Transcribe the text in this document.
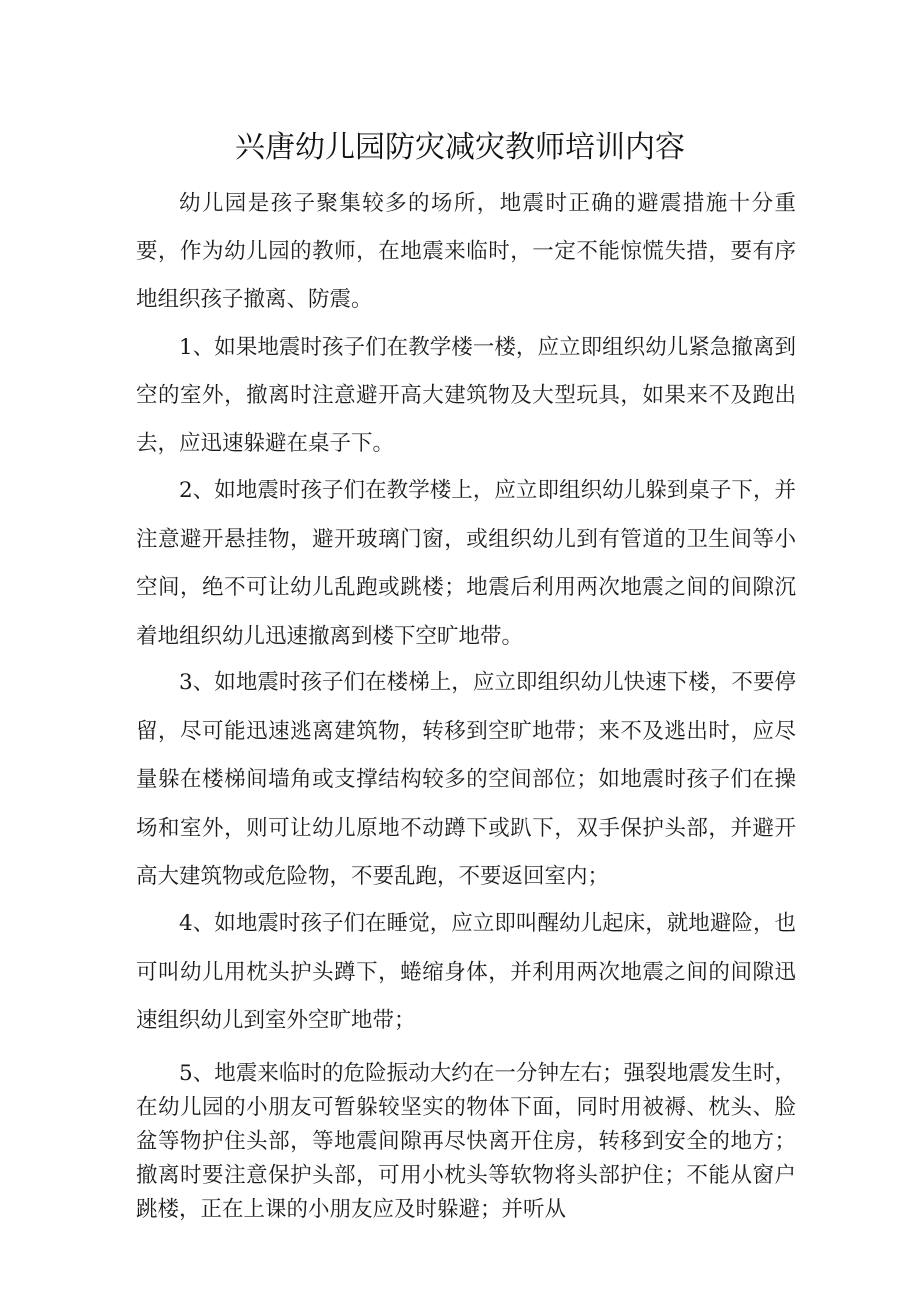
兴唐幼儿园防灾减灾教师培训内容

幼儿园是孩子聚集较多的场所，地震时正确的避震措施十分重要，作为幼儿园的教师，在地震来临时，一定不能惊慌失措，要有序地组织孩子撤离、防震。

1、如果地震时孩子们在教学楼一楼，应立即组织幼儿紧急撤离到空的室外，撤离时注意避开高大建筑物及大型玩具，如果来不及跑出去，应迅速躲避在桌子下。

2、如地震时孩子们在教学楼上，应立即组织幼儿躲到桌子下，并注意避开悬挂物，避开玻璃门窗，或组织幼儿到有管道的卫生间等小空间，绝不可让幼儿乱跑或跳楼；地震后利用两次地震之间的间隙沉着地组织幼儿迅速撤离到楼下空旷地带。

3、如地震时孩子们在楼梯上，应立即组织幼儿快速下楼，不要停留，尽可能迅速逃离建筑物，转移到空旷地带；来不及逃出时，应尽量躲在楼梯间墙角或支撑结构较多的空间部位；如地震时孩子们在操场和室外，则可让幼儿原地不动蹲下或趴下，双手保护头部，并避开高大建筑物或危险物，不要乱跑，不要返回室内；

4、如地震时孩子们在睡觉，应立即叫醒幼儿起床，就地避险，也可叫幼儿用枕头护头蹲下，蜷缩身体，并利用两次地震之间的间隙迅速组织幼儿到室外空旷地带；

5、地震来临时的危险振动大约在一分钟左右；强裂地震发生时，在幼儿园的小朋友可暂躲较坚实的物体下面，同时用被褥、枕头、脸盆等物护住头部，等地震间隙再尽快离开住房，转移到安全的地方；撤离时要注意保护头部，可用小枕头等软物将头部护住；不能从窗户跳楼，正在上课的小朋友应及时躲避；并听从
